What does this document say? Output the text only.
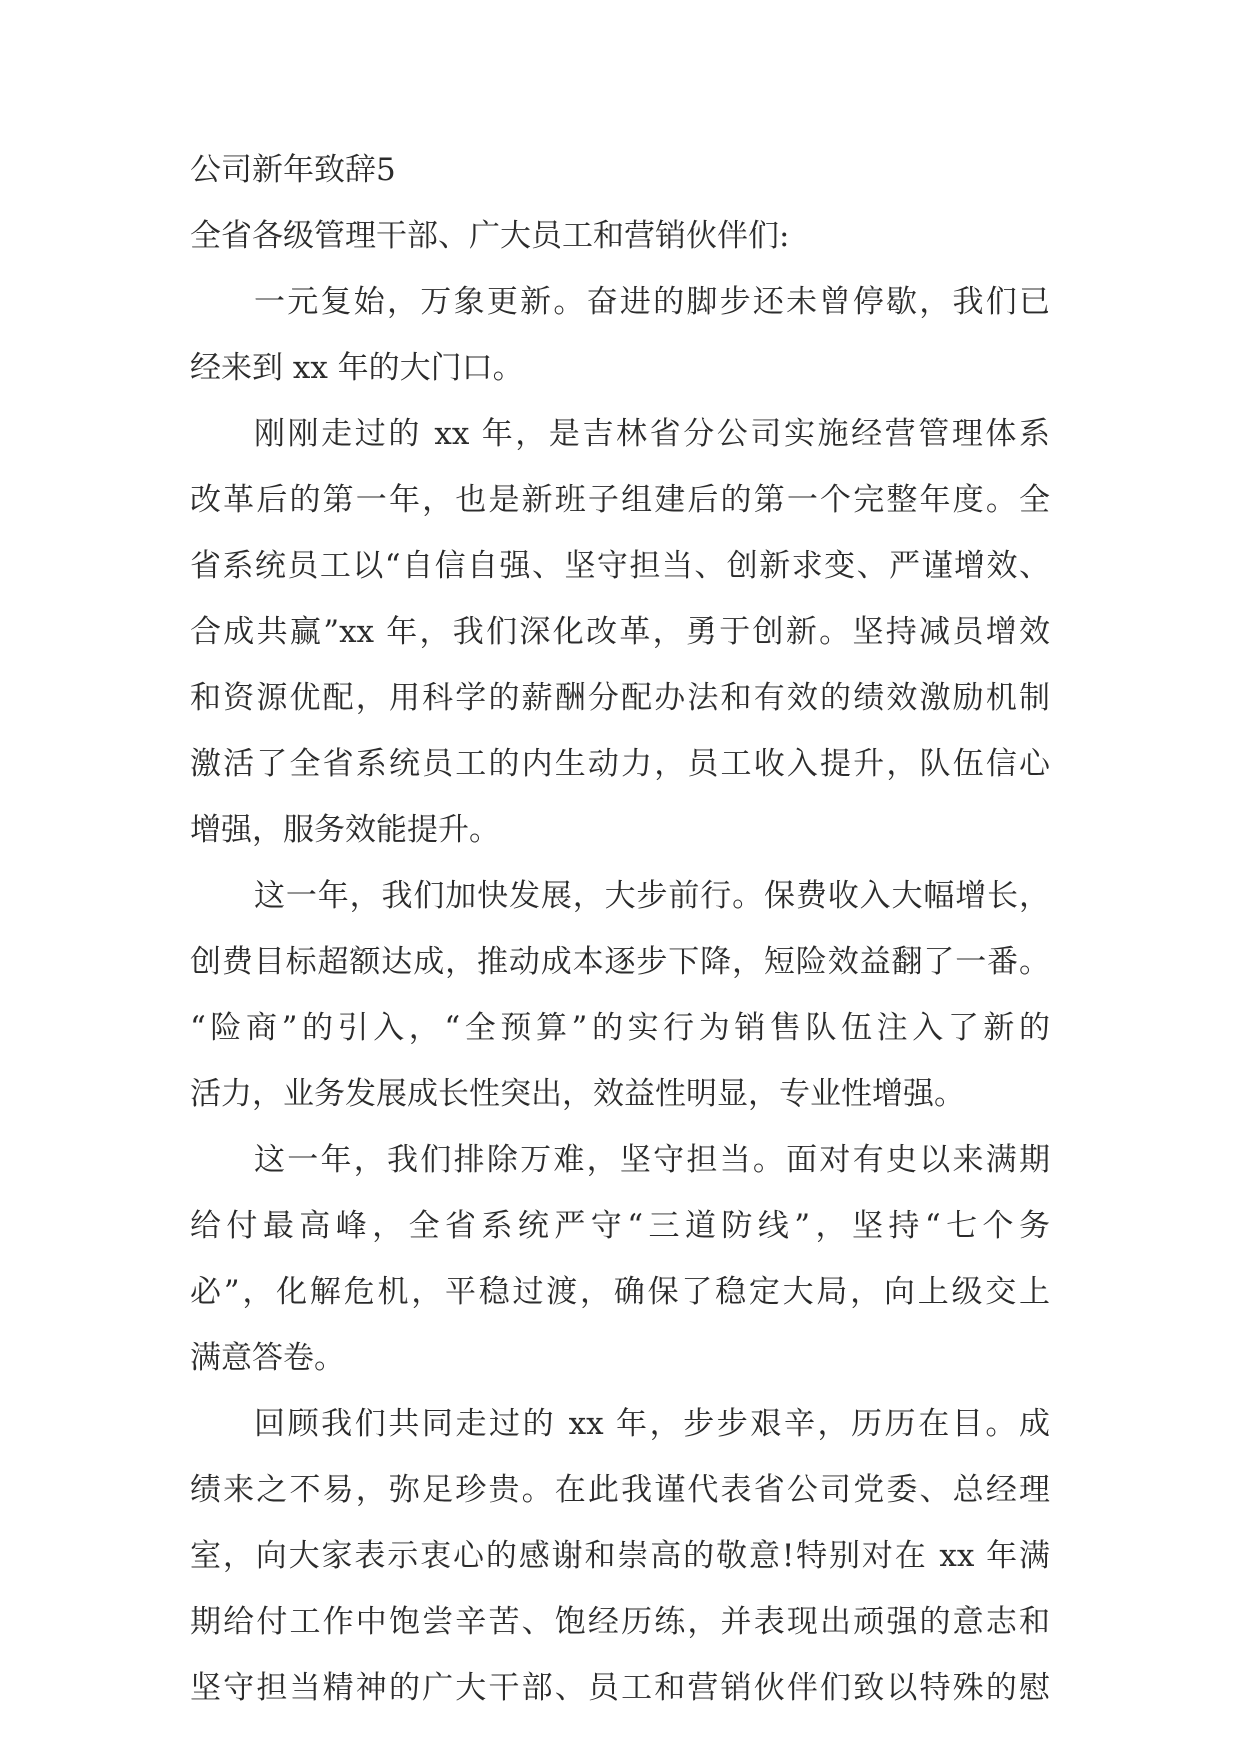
公司新年致辞5
全省各级管理干部、广大员工和营销伙伴们:
一元复始，万象更新。奋进的脚步还未曾停歇，我们已
经来到 xx 年的大门口。
刚刚走过的 xx 年，是吉林省分公司实施经营管理体系
改革后的第一年，也是新班子组建后的第一个完整年度。全
省系统员工以“自信自强、坚守担当、创新求变、严谨增效、
合成共赢”xx 年，我们深化改革，勇于创新。坚持减员增效
和资源优配，用科学的薪酬分配办法和有效的绩效激励机制
激活了全省系统员工的内生动力，员工收入提升，队伍信心
增强，服务效能提升。
这一年，我们加快发展，大步前行。保费收入大幅增长，
创费目标超额达成，推动成本逐步下降，短险效益翻了一番。
“险商”的引入，“全预算”的实行为销售队伍注入了新的
活力，业务发展成长性突出，效益性明显，专业性增强。
这一年，我们排除万难，坚守担当。面对有史以来满期
给付最高峰，全省系统严守“三道防线”，坚持“七个务
必”，化解危机，平稳过渡，确保了稳定大局，向上级交上
满意答卷。
回顾我们共同走过的 xx 年，步步艰辛，历历在目。成
绩来之不易，弥足珍贵。在此我谨代表省公司党委、总经理
室，向大家表示衷心的感谢和崇高的敬意!特别对在 xx 年满
期给付工作中饱尝辛苦、饱经历练，并表现出顽强的意志和
坚守担当精神的广大干部、员工和营销伙伴们致以特殊的慰
